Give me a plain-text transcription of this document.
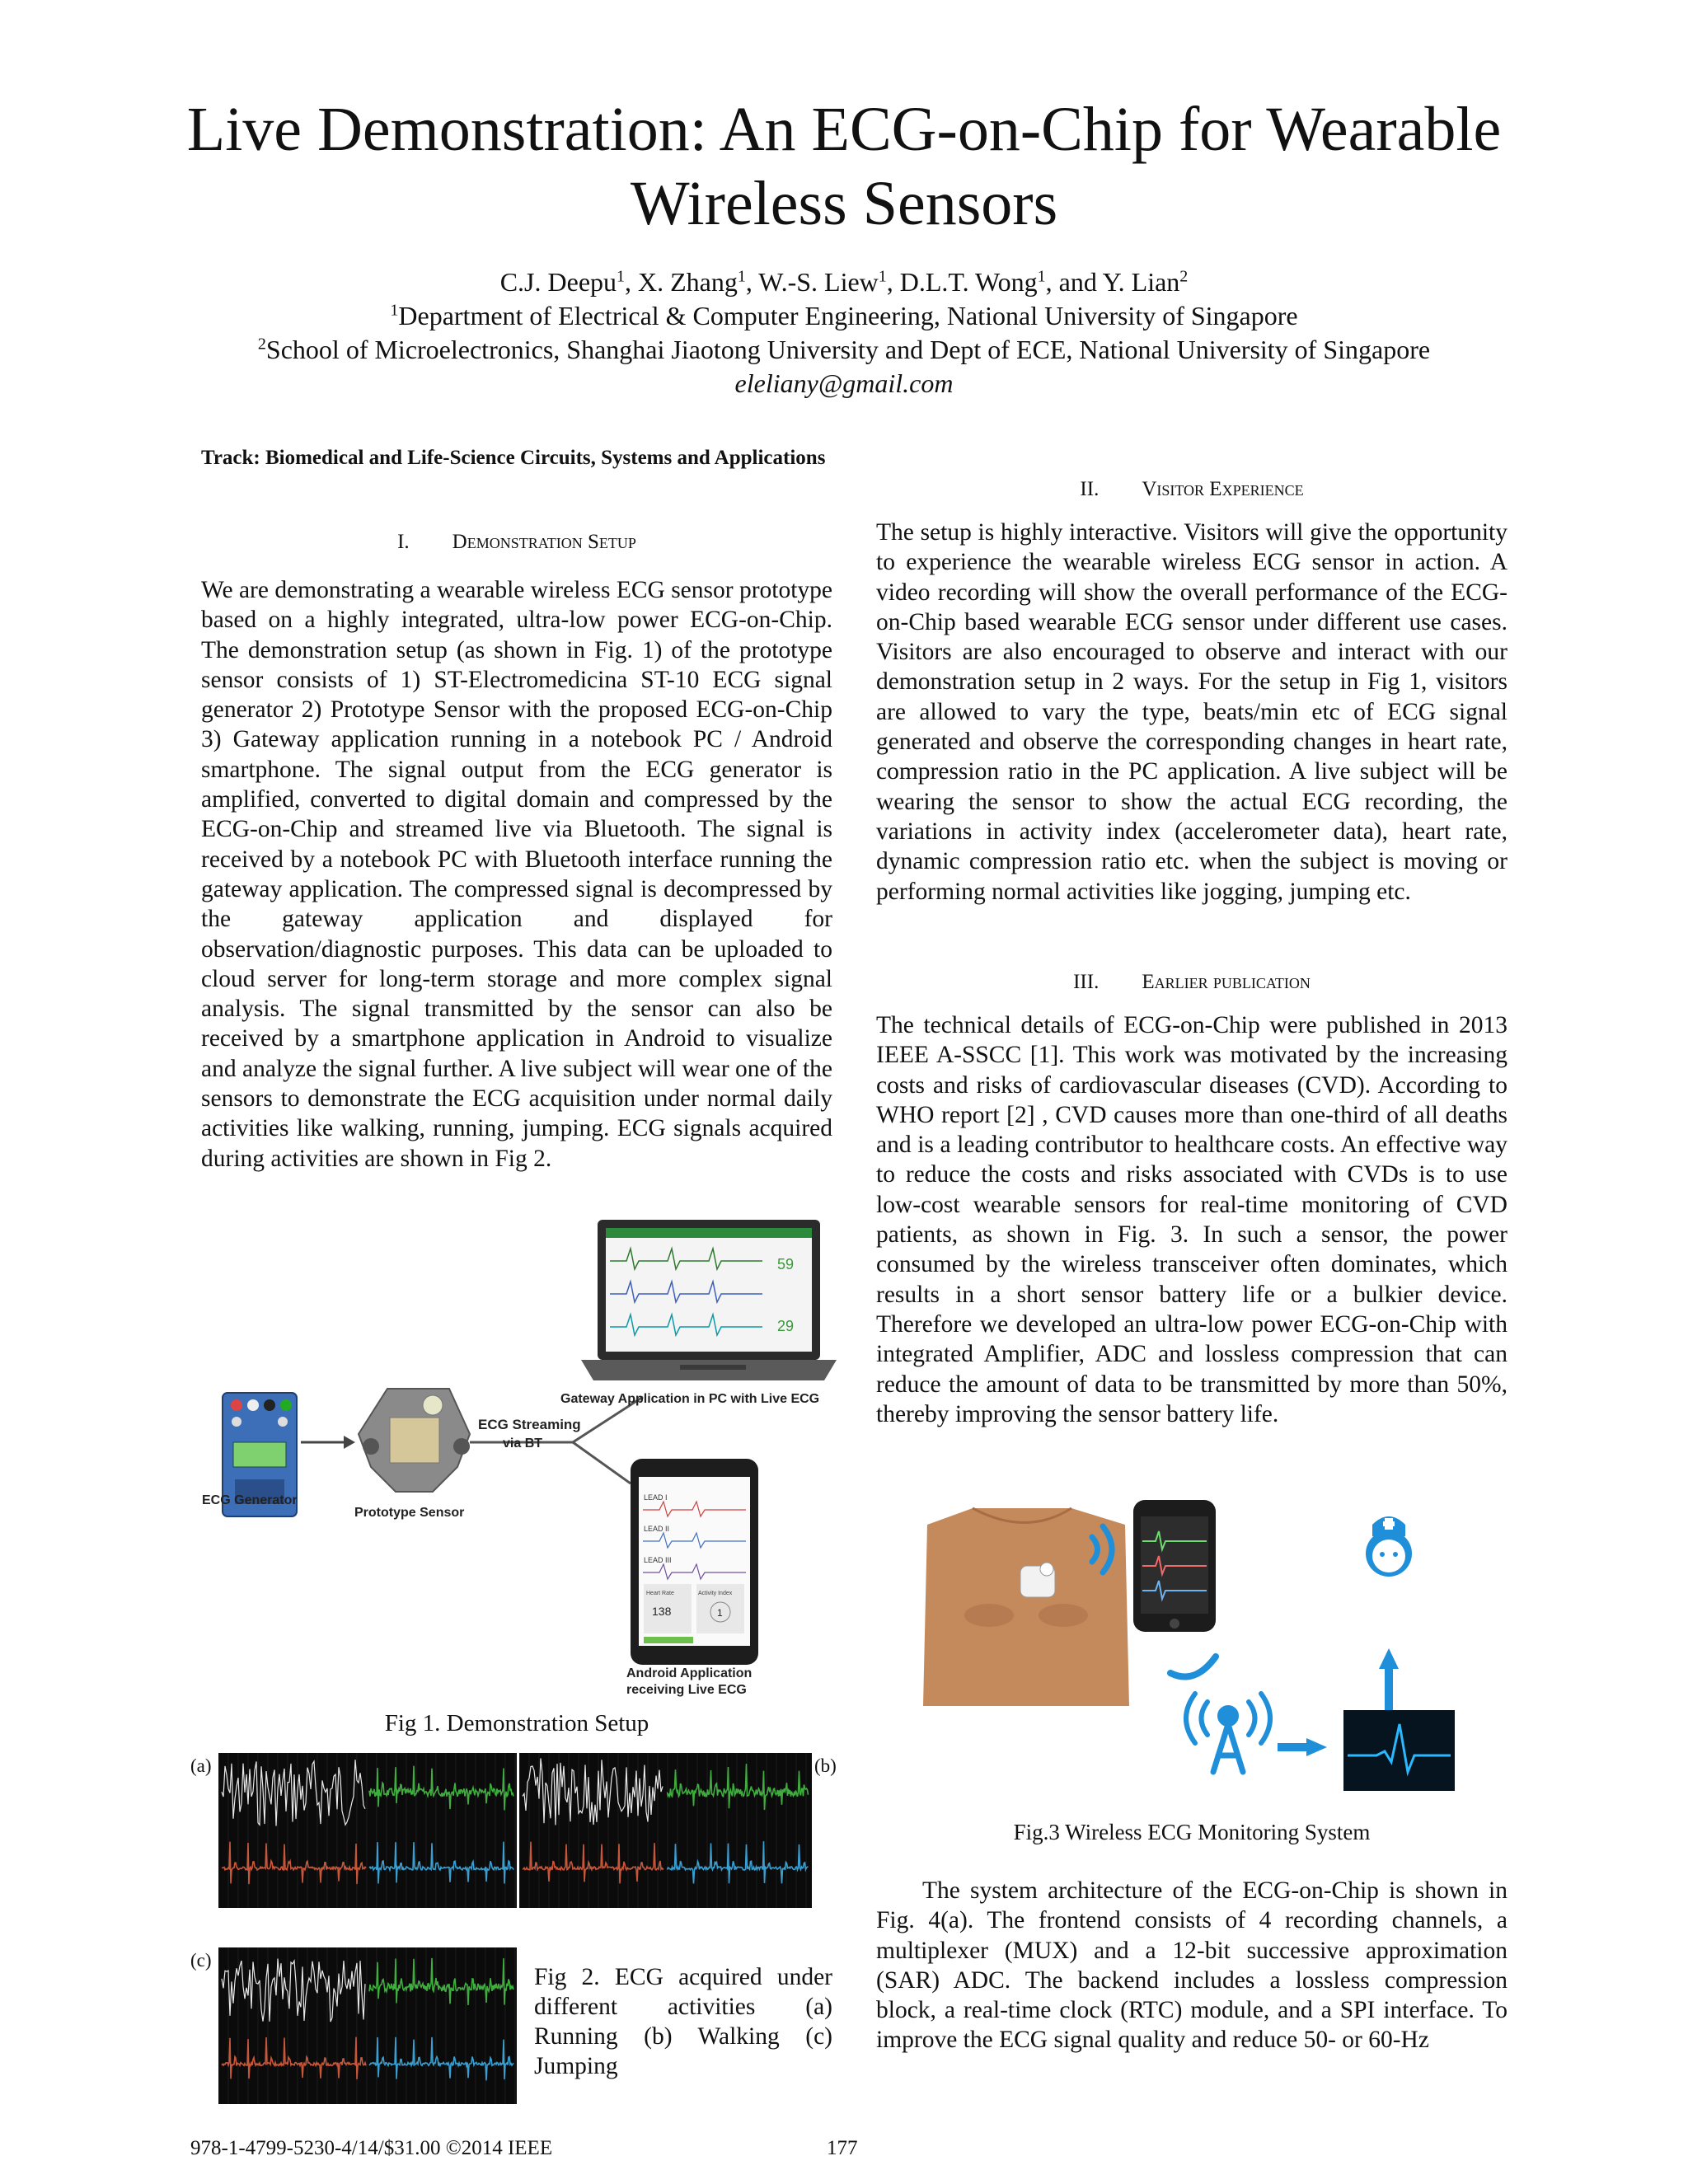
Live Demonstration: An ECG-on-Chip for Wearable
Wireless Sensors
C.J. Deepu$^1$, X. Zhang$^1$, W.-S. Liew$^1$, D.L.T. Wong$^1$, and Y. Lian$^2$
$^1$Department of Electrical & Computer Engineering, National University of Singapore
$^2$School of Microelectronics, Shanghai Jiaotong University and Dept of ECE, National University of Singapore
eleliany@gmail.com
Track: Biomedical and Life-Science Circuits, Systems and Applications
I. Demonstration Setup

We are demonstrating a wearable wireless ECG sensor prototype based on a highly integrated, ultra-low power ECG-on-Chip. The demonstration setup (as shown in Fig. 1) of the prototype sensor consists of 1) ST-Electromedicina ST-10 ECG signal generator 2) Prototype Sensor with the proposed ECG-on-Chip 3) Gateway application running in a notebook PC / Android smartphone. The signal output from the ECG generator is amplified, converted to digital domain and compressed by the ECG-on-Chip and streamed live via Bluetooth. The signal is received by a notebook PC with Bluetooth interface running the gateway application. The compressed signal is decompressed by the gateway application and displayed for observation/diagnostic purposes. This data can be uploaded to cloud server for long-term storage and more complex signal analysis. The signal transmitted by the sensor can also be received by a smartphone application in Android to visualize and analyze the signal further. A live subject will wear one of the sensors to demonstrate the ECG acquisition under normal daily activities like walking, running, jumping. ECG signals acquired during activities are shown in Fig 2.

ECG Generator
Prototype Sensor
ECG Streaming
via BT
59
29
Gateway Application in PC with Live ECG
LEAD I
LEAD II
LEAD III
Heart Rate	Activity Index
138	1
Android Application
receiving Live ECG
Fig 1. Demonstration Setup
(a)	(b)
(c)
Fig 2. ECG acquired under different activities (a) Running (b) Walking (c) Jumping
II. Visitor Experience

The setup is highly interactive. Visitors will give the opportunity to experience the wearable wireless ECG sensor in action. A video recording will show the overall performance of the ECG-on-Chip based wearable ECG sensor under different use cases. Visitors are also encouraged to observe and interact with our demonstration setup in 2 ways. For the setup in Fig 1, visitors are allowed to vary the type, beats/min etc of ECG signal generated and observe the corresponding changes in heart rate, compression ratio in the PC application. A live subject will be wearing the sensor to show the actual ECG recording, the variations in activity index (accelerometer data), heart rate, dynamic compression ratio etc. when the subject is moving or performing normal activities like jogging, jumping etc.

III. Earlier publication

The technical details of ECG-on-Chip were published in 2013 IEEE A-SSCC [1]. This work was motivated by the increasing costs and risks of cardiovascular diseases (CVD). According to WHO report [2] , CVD causes more than one-third of all deaths and is a leading contributor to healthcare costs. An effective way to reduce the costs and risks associated with CVDs is to use low-cost wearable sensors for real-time monitoring of CVD patients, as shown in Fig. 3. In such a sensor, the power consumed by the wireless transceiver often dominates, which results in a short sensor battery life or a bulkier device. Therefore we developed an ultra-low power ECG-on-Chip with integrated Amplifier, ADC and lossless compression that can reduce the amount of data to be transmitted by more than 50%, thereby improving the sensor battery life.

Fig.3 Wireless ECG Monitoring System

The system architecture of the ECG-on-Chip is shown in Fig. 4(a). The frontend consists of 4 recording channels, a multiplexer (MUX) and a 12-bit successive approximation (SAR) ADC. The backend includes a lossless compression block, a real-time clock (RTC) module, and a SPI interface. To improve the ECG signal quality and reduce 50- or 60-Hz

978-1-4799-5230-4/14/$31.00 ©2014 IEEE	177
